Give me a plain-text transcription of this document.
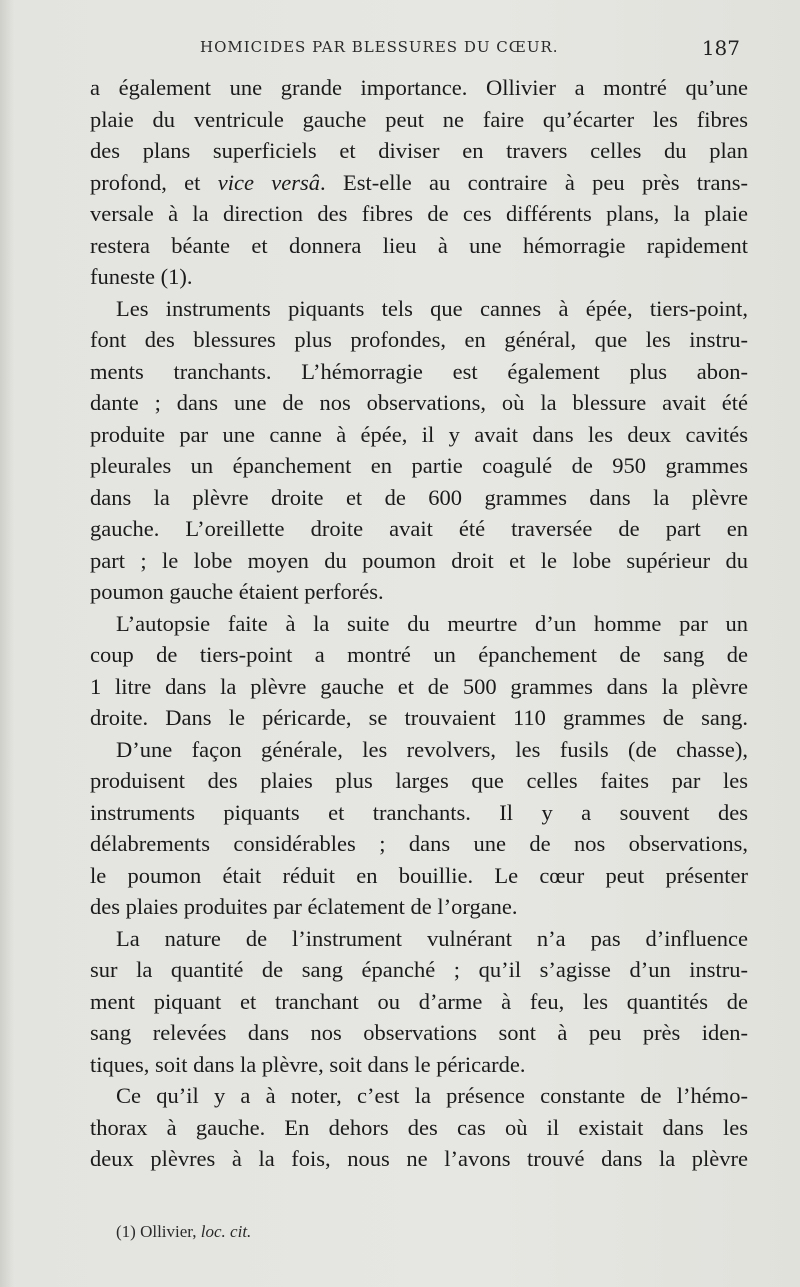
HOMICIDES PAR BLESSURES DU CŒUR.	187
a également une grande importance. Ollivier a montré qu’une
plaie du ventricule gauche peut ne faire qu’écarter les fibres
des plans superficiels et diviser en travers celles du plan
profond, et vice versâ. Est-elle au contraire à peu près trans-
versale à la direction des fibres de ces différents plans, la plaie
restera béante et donnera lieu à une hémorragie rapidement
funeste (1).
Les instruments piquants tels que cannes à épée, tiers-point,
font des blessures plus profondes, en général, que les instru-
ments tranchants. L’hémorragie est également plus abon-
dante ; dans une de nos observations, où la blessure avait été
produite par une canne à épée, il y avait dans les deux cavités
pleurales un épanchement en partie coagulé de 950 grammes
dans la plèvre droite et de 600 grammes dans la plèvre
gauche. L’oreillette droite avait été traversée de part en
part ; le lobe moyen du poumon droit et le lobe supérieur du
poumon gauche étaient perforés.
L’autopsie faite à la suite du meurtre d’un homme par un
coup de tiers-point a montré un épanchement de sang de
1 litre dans la plèvre gauche et de 500 grammes dans la plèvre
droite. Dans le péricarde, se trouvaient 110 grammes de sang.
D’une façon générale, les revolvers, les fusils (de chasse),
produisent des plaies plus larges que celles faites par les
instruments piquants et tranchants. Il y a souvent des
délabrements considérables ; dans une de nos observations,
le poumon était réduit en bouillie. Le cœur peut présenter
des plaies produites par éclatement de l’organe.
La nature de l’instrument vulnérant n’a pas d’influence
sur la quantité de sang épanché ; qu’il s’agisse d’un instru-
ment piquant et tranchant ou d’arme à feu, les quantités de
sang relevées dans nos observations sont à peu près iden-
tiques, soit dans la plèvre, soit dans le péricarde.
Ce qu’il y a à noter, c’est la présence constante de l’hémo-
thorax à gauche. En dehors des cas où il existait dans les
deux plèvres à la fois, nous ne l’avons trouvé dans la plèvre
(1) Ollivier, loc. cit.
